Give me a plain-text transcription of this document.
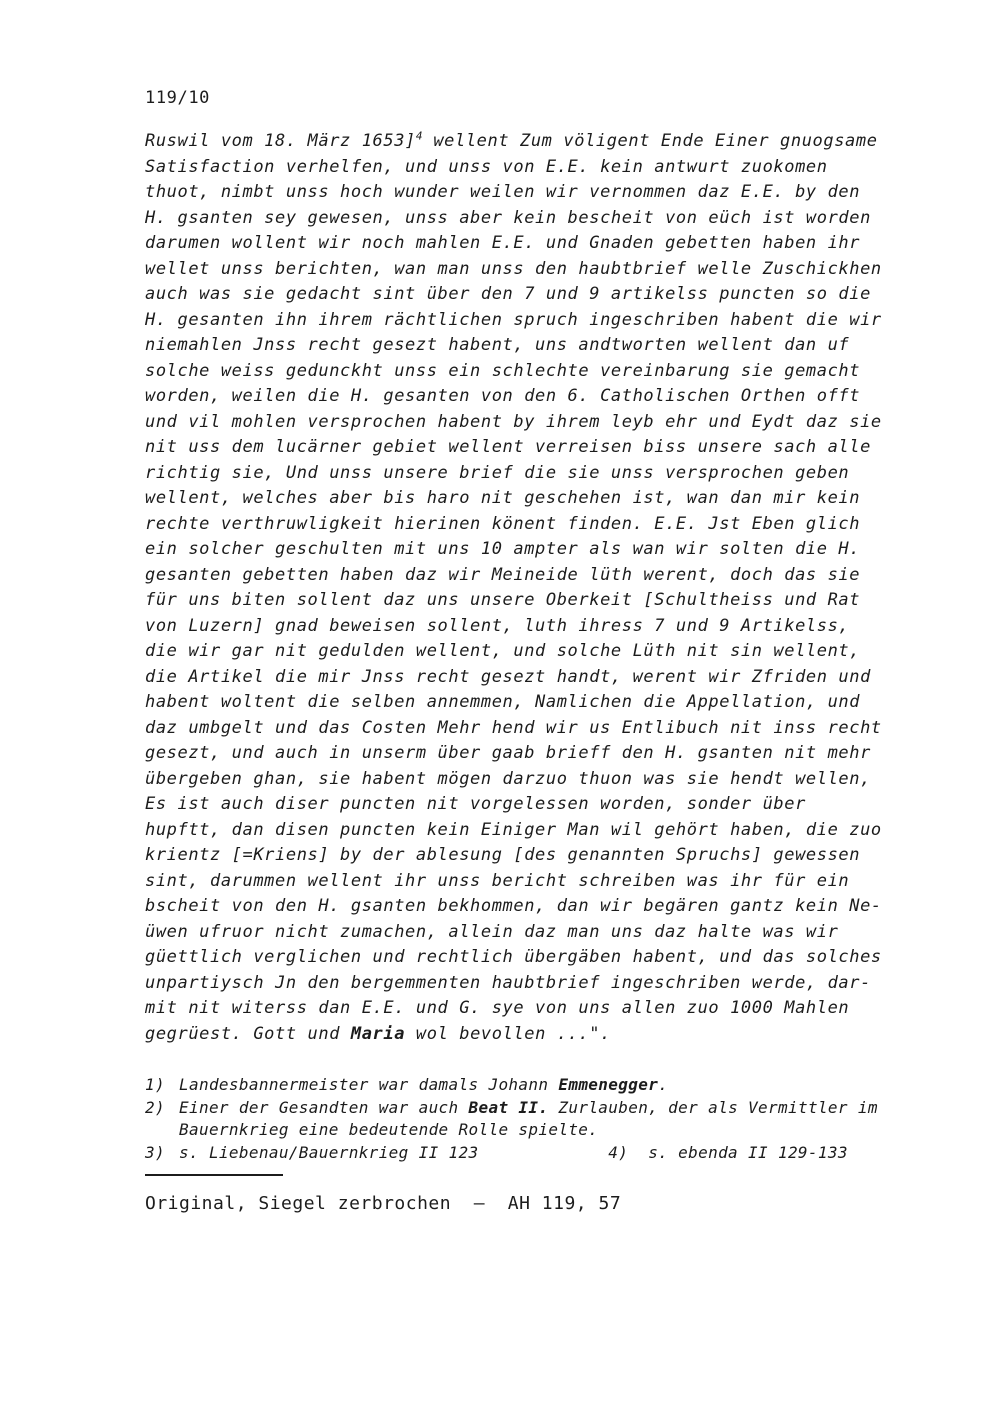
119/10
Ruswil vom 18. März 1653]$^4$ wellent Zum völigent Ende Einer gnuogsame
Satisfaction verhelfen, und unss von E.E. kein antwurt zuokomen
thuot, nimbt unss hoch wunder weilen wir vernommen daz E.E. by den
H. gsanten sey gewesen, unss aber kein bescheit von eüch ist worden
darumen wollent wir noch mahlen E.E. und Gnaden gebetten haben ihr
wellet unss berichten, wan man unss den haubtbrief welle Zuschickhen
auch was sie gedacht sint über den 7 und 9 artikelss puncten so die
H. gesanten ihn ihrem rächtlichen spruch ingeschriben habent die wir
niemahlen Jnss recht gesezt habent, uns andtworten wellent dan uf
solche weiss gedunckht unss ein schlechte vereinbarung sie gemacht
worden, weilen die H. gesanten von den 6. Catholischen Orthen offt
und vil mohlen versprochen habent by ihrem leyb ehr und Eydt daz sie
nit uss dem lucärner gebiet wellent verreisen biss unsere sach alle
richtig sie, Und unss unsere brief die sie unss versprochen geben
wellent, welches aber bis haro nit geschehen ist, wan dan mir kein
rechte verthruwligkeit hierinen könent finden. E.E. Jst Eben glich
ein solcher geschulten mit uns 10 ampter als wan wir solten die H.
gesanten gebetten haben daz wir Meineide lüth werent, doch das sie
für uns biten sollent daz uns unsere Oberkeit [Schultheiss und Rat
von Luzern] gnad beweisen sollent, luth ihress 7 und 9 Artikelss,
die wir gar nit gedulden wellent, und solche Lüth nit sin wellent,
die Artikel die mir Jnss recht gesezt handt, werent wir Zfriden und
habent woltent die selben annemmen, Namlichen die Appellation, und
daz umbgelt und das Costen Mehr hend wir us Entlibuch nit inss recht
gesezt, und auch in unserm über gaab brieff den H. gsanten nit mehr
übergeben ghan, sie habent mögen darzuo thuon was sie hendt wellen,
Es ist auch diser puncten nit vorgelessen worden, sonder über
hupftt, dan disen puncten kein Einiger Man wil gehört haben, die zuo
krientz [=Kriens] by der ablesung [des genannten Spruchs] gewessen
sint, darummen wellent ihr unss bericht schreiben was ihr für ein
bscheit von den H. gsanten bekhommen, dan wir begären gantz kein Ne-
üwen ufruor nicht zumachen, allein daz man uns daz halte was wir
güettlich verglichen und rechtlich übergäben habent, und das solches
unpartiysch Jn den bergemmenten haubtbrief ingeschriben werde, dar-
mit nit witerss dan E.E. und G. sye von uns allen zuo 1000 Mahlen
gegrüest. Gott und Maria wol bevollen ...".
1) Landesbannermeister war damals Johann Emmenegger.
2) Einer der Gesandten war auch Beat II. Zurlauben, der als Vermittler im
Bauernkrieg eine bedeutende Rolle spielte.
3) s. Liebenau/Bauernkrieg II 123             4)  s. ebenda II 129-133
Original, Siegel zerbrochen  –  AH 119, 57
